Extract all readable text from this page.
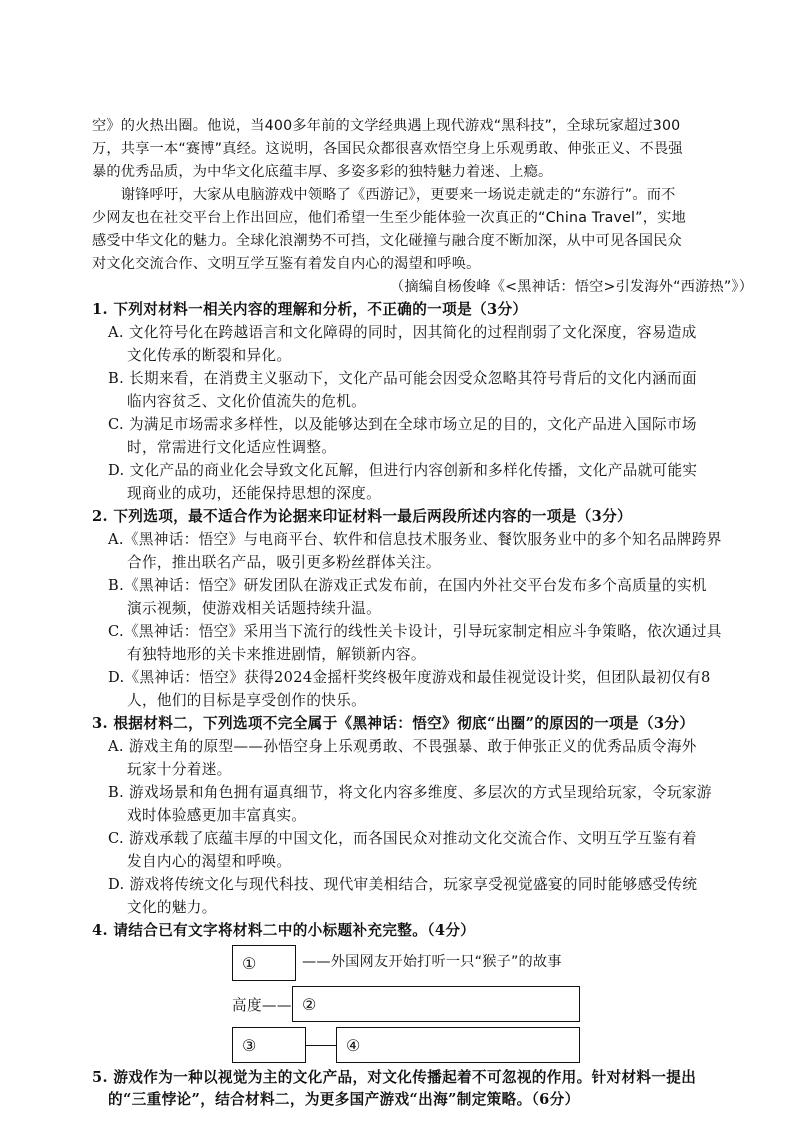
空》的火热出圈。他说，当400多年前的文学经典遇上现代游戏“黑科技”，全球玩家超过300
万，共享一本“赛博”真经。这说明，各国民众都很喜欢悟空身上乐观勇敢、伸张正义、不畏强
暴的优秀品质，为中华文化底蕴丰厚、多姿多彩的独特魅力着迷、上瘾。
　　谢锋呼吁，大家从电脑游戏中领略了《西游记》，更要来一场说走就走的“东游行”。而不
少网友也在社交平台上作出回应，他们希望一生至少能体验一次真正的“China Travel”，实地
感受中华文化的魅力。全球化浪潮势不可挡，文化碰撞与融合度不断加深，从中可见各国民众
对文化交流合作、文明互学互鉴有着发自内心的渴望和呼唤。
（摘编自杨俊峰《<黑神话：悟空>引发海外“西游热”》）
1. 下列对材料一相关内容的理解和分析，不正确的一项是（3分）
A. 文化符号化在跨越语言和文化障碍的同时，因其简化的过程削弱了文化深度，容易造成
文化传承的断裂和异化。
B. 长期来看，在消费主义驱动下，文化产品可能会因受众忽略其符号背后的文化内涵而面
临内容贫乏、文化价值流失的危机。
C. 为满足市场需求多样性，以及能够达到在全球市场立足的目的，文化产品进入国际市场
时，常需进行文化适应性调整。
D. 文化产品的商业化会导致文化瓦解，但进行内容创新和多样化传播，文化产品就可能实
现商业的成功，还能保持思想的深度。
2. 下列选项，最不适合作为论据来印证材料一最后两段所述内容的一项是（3分）
A.《黑神话：悟空》与电商平台、软件和信息技术服务业、餐饮服务业中的多个知名品牌跨界
合作，推出联名产品，吸引更多粉丝群体关注。
B.《黑神话：悟空》研发团队在游戏正式发布前，在国内外社交平台发布多个高质量的实机
演示视频，使游戏相关话题持续升温。
C.《黑神话：悟空》采用当下流行的线性关卡设计，引导玩家制定相应斗争策略，依次通过具
有独特地形的关卡来推进剧情，解锁新内容。
D.《黑神话：悟空》获得2024金摇杆奖终极年度游戏和最佳视觉设计奖，但团队最初仅有8
人，他们的目标是享受创作的快乐。
3. 根据材料二，下列选项不完全属于《黑神话：悟空》彻底“出圈”的原因的一项是（3分）
A. 游戏主角的原型——孙悟空身上乐观勇敢、不畏强暴、敢于伸张正义的优秀品质令海外
玩家十分着迷。
B. 游戏场景和角色拥有逼真细节，将文化内容多维度、多层次的方式呈现给玩家，令玩家游
戏时体验感更加丰富真实。
C. 游戏承载了底蕴丰厚的中国文化，而各国民众对推动文化交流合作、文明互学互鉴有着
发自内心的渴望和呼唤。
D. 游戏将传统文化与现代科技、现代审美相结合，玩家享受视觉盛宴的同时能够感受传统
文化的魅力。
4. 请结合已有文字将材料二中的小标题补充完整。（4分）
①	——外国网友开始打听一只“猴子”的故事
高度—— ②
③	④
5. 游戏作为一种以视觉为主的文化产品，对文化传播起着不可忽视的作用。针对材料一提出
的“三重悖论”，结合材料二，为更多国产游戏“出海”制定策略。（6分）
